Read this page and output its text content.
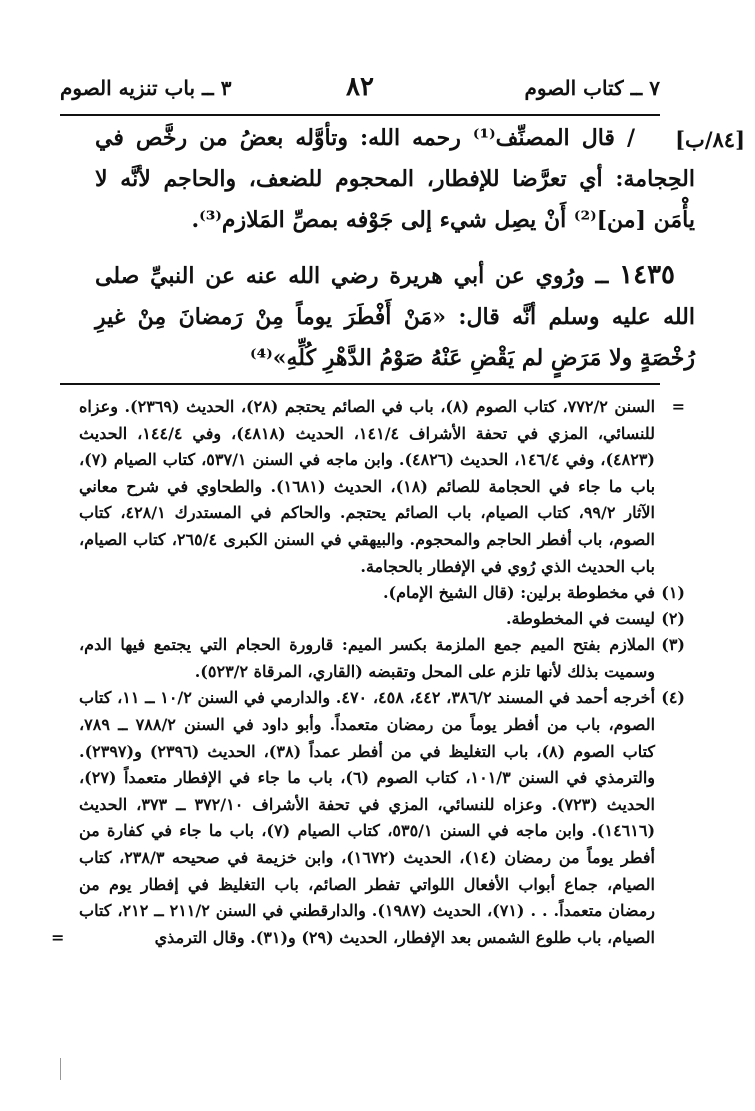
٧ ــ كتاب الصوم
٨٢
٣ ــ باب تنزيه الصوم
[٨٤/ب]

/ قال المصنِّف⁽¹⁾ رحمه الله: وتأوَّله بعضُ من رخَّص في الحِجامة: أي تعرَّضا للإفطار، المحجوم للضعف، والحاجم لأنَّه لا يأْمَن [من]⁽²⁾ أَنْ يصِل شيء إلى جَوْفه بمصِّ المَلازم⁽³⁾.

١٤٣٥ ــ ورُوي عن أبي هريرة رضي الله عنه عن النبيِّ صلى الله عليه وسلم أنَّه قال: «مَنْ أَفْطَرَ يوماً مِنْ رَمضانَ مِنْ غيرِ رُخْصَةٍ ولا مَرَضٍ لم يَقْضِ عَنْهُ صَوْمُ الدَّهْرِ كُلِّهِ»⁽⁴⁾

=
السنن ٧٧٢/٢، كتاب الصوم (٨)، باب في الصائم يحتجم (٢٨)، الحديث (٢٣٦٩). وعزاه للنسائي، المزي في تحفة الأشراف ١٤١/٤، الحديث (٤٨١٨)، وفي ١٤٤/٤، الحديث (٤٨٢٣)، وفي ١٤٦/٤، الحديث (٤٨٢٦). وابن ماجه في السنن ٥٣٧/١، كتاب الصيام (٧)، باب ما جاء في الحجامة للصائم (١٨)، الحديث (١٦٨١). والطحاوي في شرح معاني الآثار ٩٩/٢، كتاب الصيام، باب الصائم يحتجم. والحاكم في المستدرك ٤٢٨/١، كتاب الصوم، باب أفطر الحاجم والمحجوم. والبيهقي في السنن الكبرى ٢٦٥/٤، كتاب الصيام، باب الحديث الذي رُوي في الإفطار بالحجامة.

(١)
في مخطوطة برلين: (قال الشيخ الإمام).

(٢)
ليست في المخطوطة.

(٣)
الملازم بفتح الميم جمع الملزمة بكسر الميم: قارورة الحجام التي يجتمع فيها الدم، وسميت بذلك لأنها تلزم على المحل وتقبضه (القاري، المرقاة ٥٢٣/٢).

(٤)
أخرجه أحمد في المسند ٣٨٦/٢، ٤٤٢، ٤٥٨، ٤٧٠. والدارمي في السنن ١٠/٢ ــ ١١، كتاب الصوم، باب من أفطر يوماً من رمضان متعمداً. وأبو داود في السنن ٧٨٨/٢ ــ ٧٨٩، كتاب الصوم (٨)، باب التغليظ في من أفطر عمداً (٣٨)، الحديث (٢٣٩٦) و(٢٣٩٧). والترمذي في السنن ١٠١/٣، كتاب الصوم (٦)، باب ما جاء في الإفطار متعمداً (٢٧)، الحديث (٧٢٣). وعزاه للنسائي، المزي في تحفة الأشراف ٣٧٢/١٠ ــ ٣٧٣، الحديث (١٤٦١٦). وابن ماجه في السنن ٥٣٥/١، كتاب الصيام (٧)، باب ما جاء في كفارة من أفطر يوماً من رمضان (١٤)، الحديث (١٦٧٢)، وابن خزيمة في صحيحه ٢٣٨/٣، كتاب الصيام، جماع أبواب الأفعال اللواتي تفطر الصائم، باب التغليظ في إفطار يوم من رمضان متعمداً. . . (٧١)، الحديث (١٩٨٧). والدارقطني في السنن ٢١١/٢ ــ ٢١٢، كتاب الصيام، باب طلوع الشمس بعد الإفطار، الحديث (٢٩) و(٣١). وقال الترمذي
=
